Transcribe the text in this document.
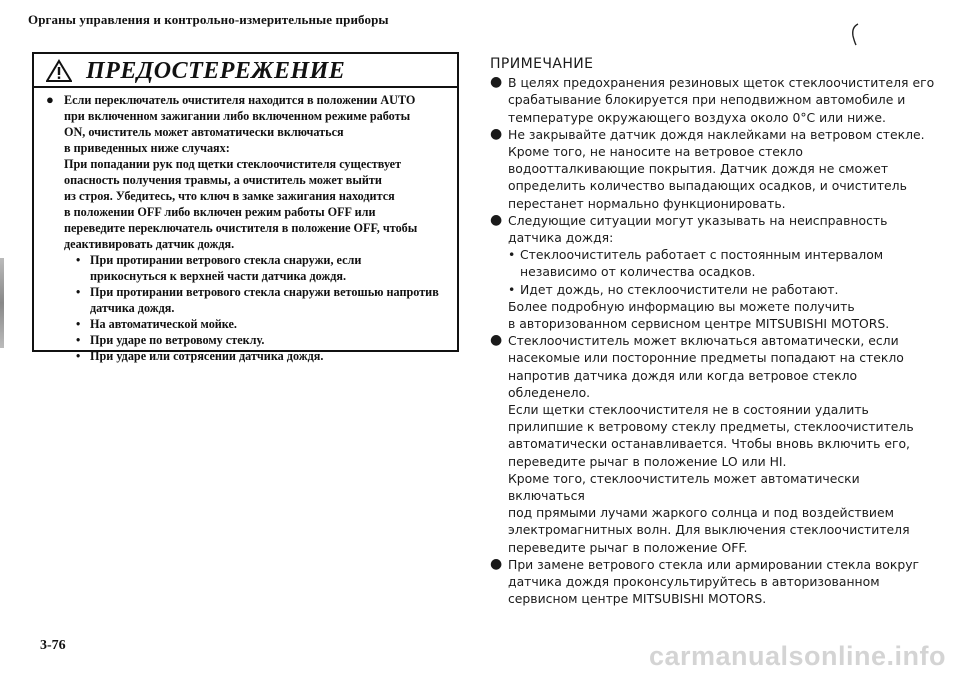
Органы управления и контрольно-измерительные приборы
ПРЕДОСТЕРЕЖЕНИЕ
● Если переключатель очистителя находится в положении AUTO

при включенном зажигании либо включенном режиме работы

ON, очиститель может автоматически включаться

в приведенных ниже случаях:

При попадании рук под щетки стеклоочистителя существует

опасность получения травмы, а очиститель может выйти

из строя. Убедитесь, что ключ в замке зажигания находится

в положении OFF либо включен режим работы OFF или

переведите переключатель очистителя в положение OFF, чтобы

деактивировать датчик дождя.

• При протирании ветрового стекла снаружи, если

прикоснуться к верхней части датчика дождя.

• При протирании ветрового стекла снаружи ветошью напротив

датчика дождя.

• На автоматической мойке.

• При ударе по ветровому стеклу.

• При ударе или сотрясении датчика дождя.

ПРИМЕЧАНИЕ
● В целях предохранения резиновых щеток стеклоочистителя его
срабатывание блокируется при неподвижном автомобиле и
температуре окружающего воздуха около 0°С или ниже.
● Не закрывайте датчик дождя наклейками на ветровом стекле.
Кроме того, не наносите на ветровое стекло
водоотталкивающие покрытия. Датчик дождя не сможет
определить количество выпадающих осадков, и очиститель
перестанет нормально функционировать.
● Следующие ситуации могут указывать на неисправность
датчика дождя:
• Стеклоочиститель работает с постоянным интервалом
независимо от количества осадков.
• Идет дождь, но стеклоочистители не работают.
Более подробную информацию вы можете получить
в авторизованном сервисном центре MITSUBISHI MOTORS.
● Стеклоочиститель может включаться автоматически, если
насекомые или посторонние предметы попадают на стекло
напротив датчика дождя или когда ветровое стекло обледенело.
Если щетки стеклоочистителя не в состоянии удалить
прилипшие к ветровому стеклу предметы, стеклоочиститель
автоматически останавливается. Чтобы вновь включить его,
переведите рычаг в положение LO или HI.
Кроме того, стеклоочиститель может автоматически включаться
под прямыми лучами жаркого солнца и под воздействием
электромагнитных волн. Для выключения стеклоочистителя
переведите рычаг в положение OFF.
● При замене ветрового стекла или армировании стекла вокруг
датчика дождя проконсультируйтесь в авторизованном
сервисном центре MITSUBISHI MOTORS.
3-76	carmanualsonline.info
